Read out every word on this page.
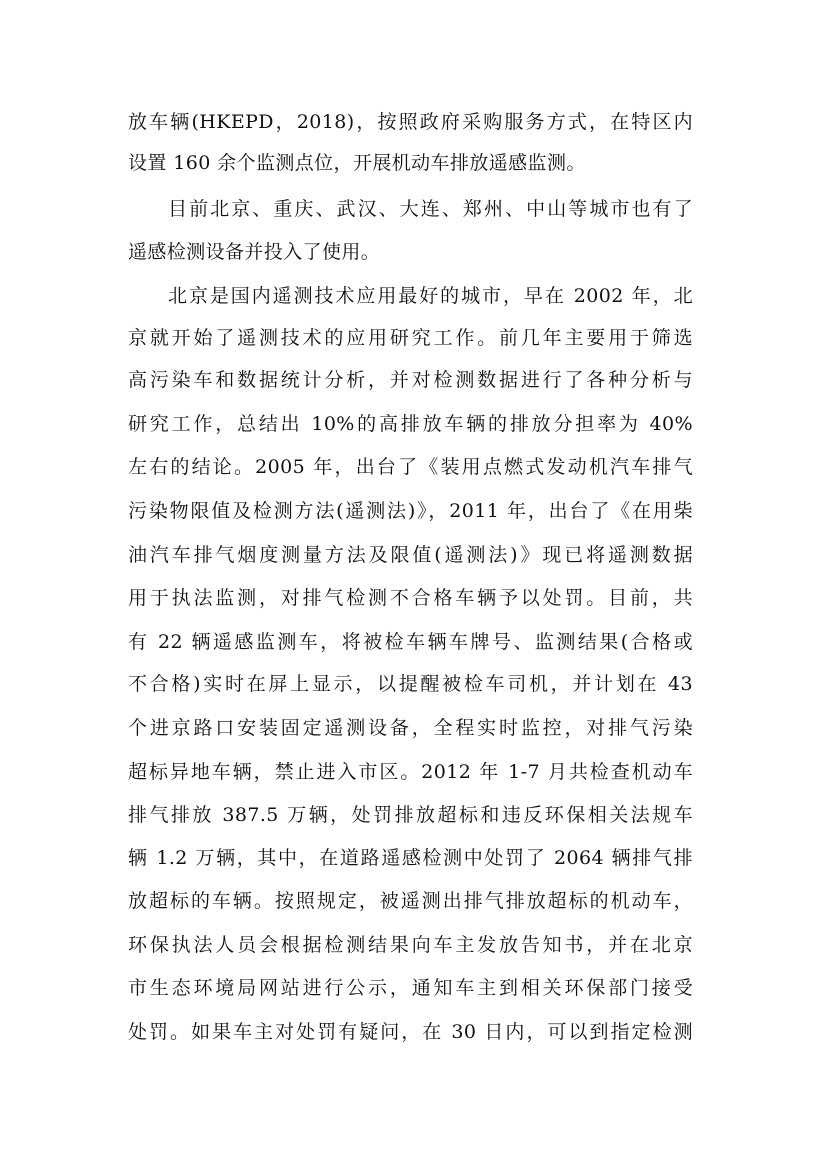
放车辆(HKEPD，2018)，按照政府采购服务方式，在特区内
设置 160 余个监测点位，开展机动车排放遥感监测。
目前北京、重庆、武汉、大连、郑州、中山等城市也有了
遥感检测设备并投入了使用。
北京是国内遥测技术应用最好的城市，早在 2002 年，北
京就开始了遥测技术的应用研究工作。前几年主要用于筛选
高污染车和数据统计分析，并对检测数据进行了各种分析与
研究工作，总结出 10%的高排放车辆的排放分担率为 40%
左右的结论。2005 年，出台了《装用点燃式发动机汽车排气
污染物限值及检测方法(遥测法)》，2011 年，出台了《在用柴
油汽车排气烟度测量方法及限值(遥测法)》现已将遥测数据
用于执法监测，对排气检测不合格车辆予以处罚。目前，共
有 22 辆遥感监测车，将被检车辆车牌号、监测结果(合格或
不合格)实时在屏上显示，以提醒被检车司机，并计划在 43
个进京路口安装固定遥测设备，全程实时监控，对排气污染
超标异地车辆，禁止进入市区。2012 年 1-7 月共检查机动车
排气排放 387.5 万辆，处罚排放超标和违反环保相关法规车
辆 1.2 万辆，其中，在道路遥感检测中处罚了 2064 辆排气排
放超标的车辆。按照规定，被遥测出排气排放超标的机动车，
环保执法人员会根据检测结果向车主发放告知书，并在北京
市生态环境局网站进行公示，通知车主到相关环保部门接受
处罚。如果车主对处罚有疑问，在 30 日内，可以到指定检测
